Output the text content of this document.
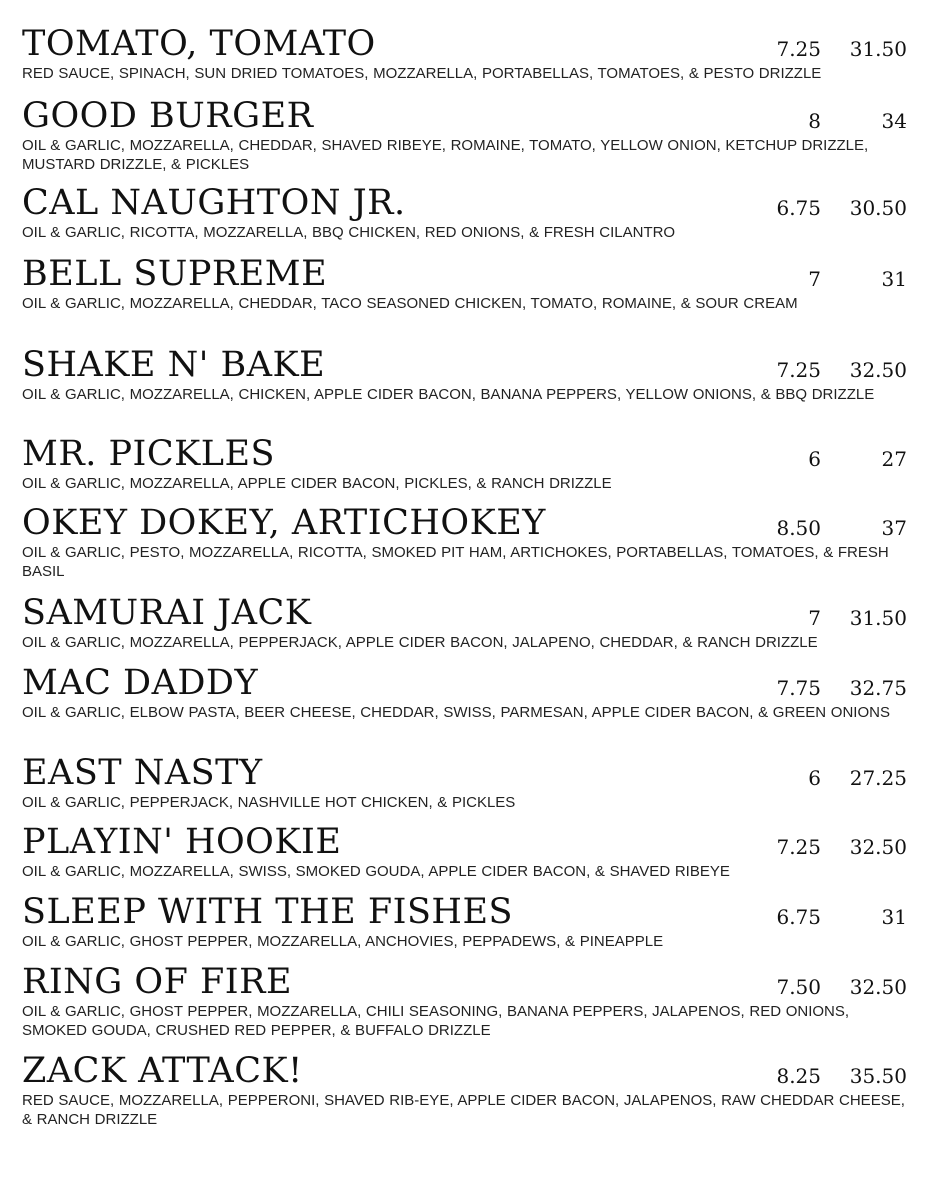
TOMATO, TOMATO	7.25 31.50
RED SAUCE, SPINACH, SUN DRIED TOMATOES, MOZZARELLA, PORTABELLAS, TOMATOES, & PESTO DRIZZLE
GOOD BURGER	8	34
OIL & GARLIC, MOZZARELLA, CHEDDAR, SHAVED RIBEYE, ROMAINE, TOMATO, YELLOW ONION, KETCHUP DRIZZLE, MUSTARD DRIZZLE, & PICKLES
CAL NAUGHTON JR.	6.75 30.50
OIL & GARLIC, RICOTTA, MOZZARELLA, BBQ CHICKEN, RED ONIONS, & FRESH CILANTRO
BELL SUPREME	7	31
OIL & GARLIC, MOZZARELLA, CHEDDAR, TACO SEASONED CHICKEN, TOMATO, ROMAINE, & SOUR CREAM
SHAKE N' BAKE	7.25 32.50
OIL & GARLIC, MOZZARELLA, CHICKEN, APPLE CIDER BACON, BANANA PEPPERS, YELLOW ONIONS, & BBQ DRIZZLE
MR. PICKLES	6	27
OIL & GARLIC, MOZZARELLA, APPLE CIDER BACON, PICKLES, & RANCH DRIZZLE
OKEY DOKEY, ARTICHOKEY	8.50	37
OIL & GARLIC, PESTO, MOZZARELLA, RICOTTA, SMOKED PIT HAM, ARTICHOKES, PORTABELLAS, TOMATOES, & FRESH BASIL
SAMURAI JACK	7 31.50
OIL & GARLIC, MOZZARELLA, PEPPERJACK, APPLE CIDER BACON, JALAPENO, CHEDDAR, & RANCH DRIZZLE
MAC DADDY	7.75 32.75
OIL & GARLIC, ELBOW PASTA, BEER CHEESE, CHEDDAR, SWISS, PARMESAN, APPLE CIDER BACON, & GREEN ONIONS
EAST NASTY	6 27.25
OIL & GARLIC, PEPPERJACK, NASHVILLE HOT CHICKEN, & PICKLES
PLAYIN' HOOKIE	7.25 32.50
OIL & GARLIC, MOZZARELLA, SWISS, SMOKED GOUDA, APPLE CIDER BACON, & SHAVED RIBEYE
SLEEP WITH THE FISHES	6.75	31
OIL & GARLIC, GHOST PEPPER, MOZZARELLA, ANCHOVIES, PEPPADEWS, & PINEAPPLE
RING OF FIRE	7.50 32.50
OIL & GARLIC, GHOST PEPPER, MOZZARELLA, CHILI SEASONING, BANANA PEPPERS, JALAPENOS, RED ONIONS, SMOKED GOUDA, CRUSHED RED PEPPER, & BUFFALO DRIZZLE
ZACK ATTACK!	8.25 35.50
RED SAUCE, MOZZARELLA, PEPPERONI, SHAVED RIB-EYE, APPLE CIDER BACON, JALAPENOS, RAW CHEDDAR CHEESE, & RANCH DRIZZLE
